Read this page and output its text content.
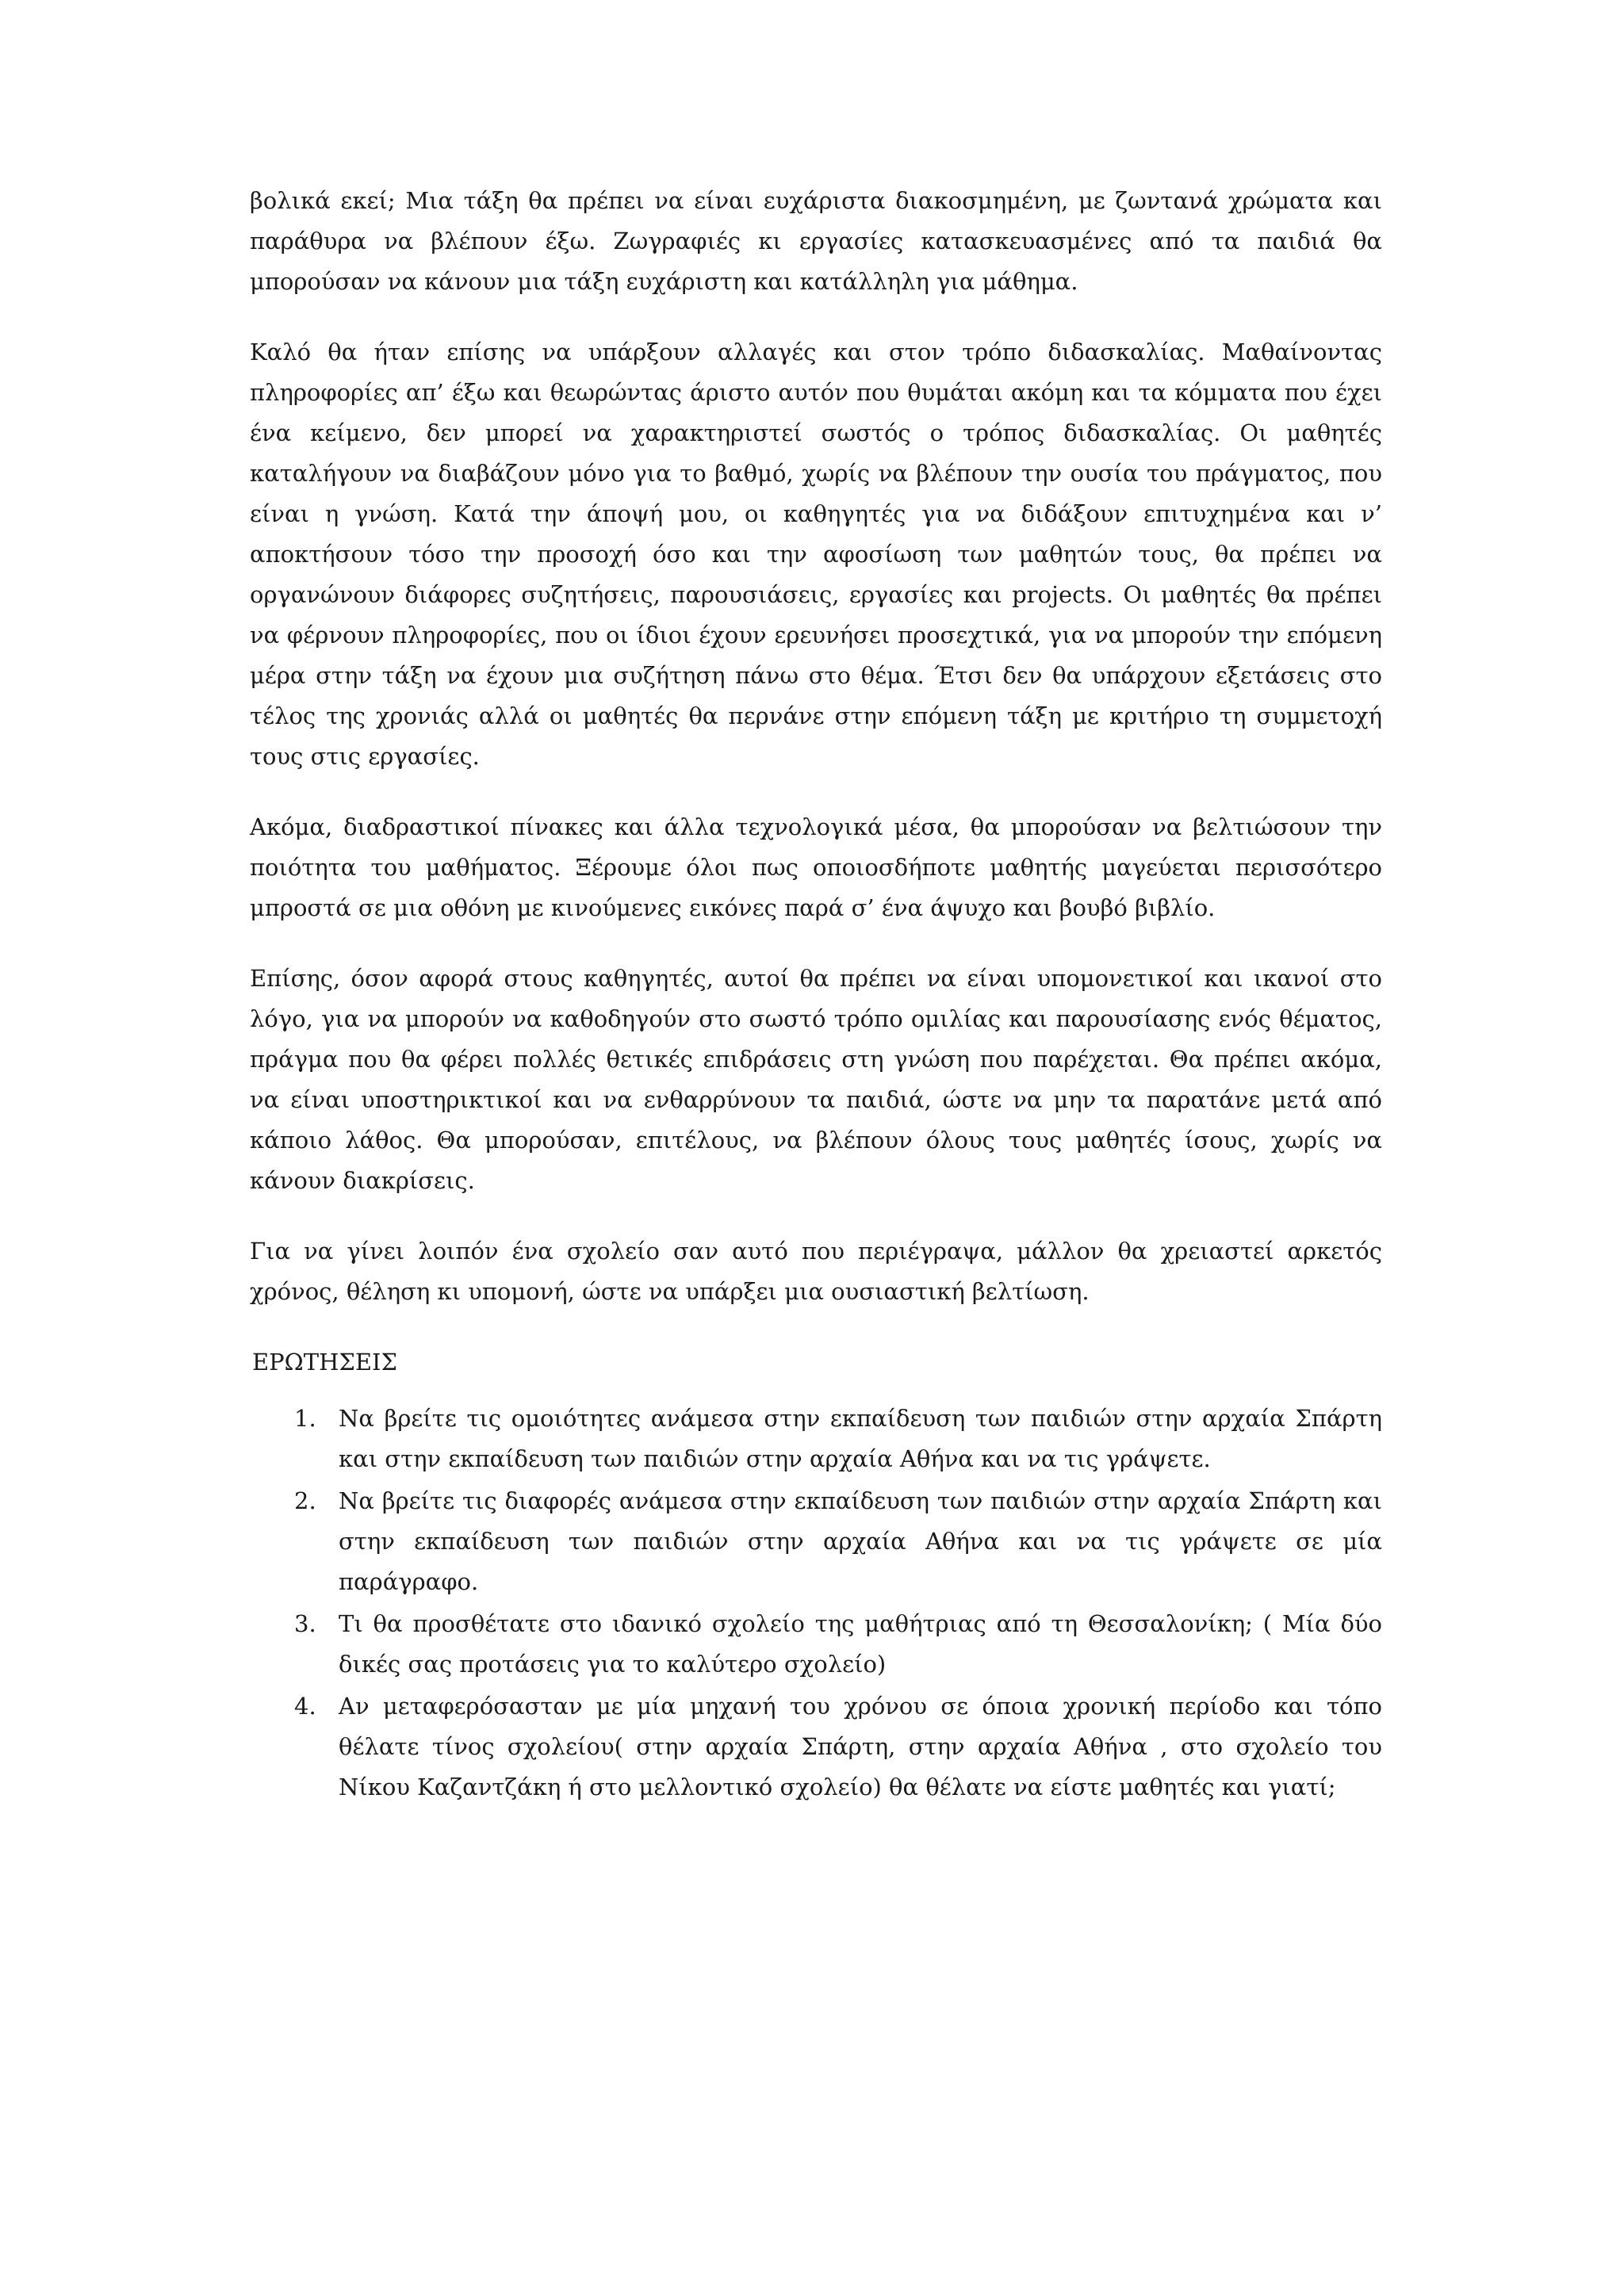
βολικά εκεί; Μια τάξη θα πρέπει να είναι ευχάριστα διακοσμημένη, με ζωντανά χρώματα και παράθυρα να βλέπουν έξω. Ζωγραφιές κι εργασίες κατασκευασμένες από τα παιδιά θα μπορούσαν να κάνουν μια τάξη ευχάριστη και κατάλληλη για μάθημα.

Καλό θα ήταν επίσης να υπάρξουν αλλαγές και στον τρόπο διδασκαλίας. Μαθαίνοντας πληροφορίες απ’ έξω και θεωρώντας άριστο αυτόν που θυμάται ακόμη και τα κόμματα που έχει ένα κείμενο, δεν μπορεί να χαρακτηριστεί σωστός ο τρόπος διδασκαλίας. Οι μαθητές καταλήγουν να διαβάζουν μόνο για το βαθμό, χωρίς να βλέπουν την ουσία του πράγματος, που είναι η γνώση. Κατά την άποψή μου, οι καθηγητές για να διδάξουν επιτυχημένα και ν’ αποκτήσουν τόσο την προσοχή όσο και την αφοσίωση των μαθητών τους, θα πρέπει να οργανώνουν διάφορες συζητήσεις, παρουσιάσεις, εργασίες και projects. Οι μαθητές θα πρέπει να φέρνουν πληροφορίες, που οι ίδιοι έχουν ερευνήσει προσεχτικά, για να μπορούν την επόμενη μέρα στην τάξη να έχουν μια συζήτηση πάνω στο θέμα. Έτσι δεν θα υπάρχουν εξετάσεις στο τέλος της χρονιάς αλλά οι μαθητές θα περνάνε στην επόμενη τάξη με κριτήριο τη συμμετοχή τους στις εργασίες.

Ακόμα, διαδραστικοί πίνακες και άλλα τεχνολογικά μέσα, θα μπορούσαν να βελτιώσουν την ποιότητα του μαθήματος. Ξέρουμε όλοι πως οποιοσδήποτε μαθητής μαγεύεται περισσότερο μπροστά σε μια οθόνη με κινούμενες εικόνες παρά σ’ ένα άψυχο και βουβό βιβλίο.

Επίσης, όσον αφορά στους καθηγητές, αυτοί θα πρέπει να είναι υπομονετικοί και ικανοί στο λόγο, για να μπορούν να καθοδηγούν στο σωστό τρόπο ομιλίας και παρουσίασης ενός θέματος, πράγμα που θα φέρει πολλές θετικές επιδράσεις στη γνώση που παρέχεται. Θα πρέπει ακόμα, να είναι υποστηρικτικοί και να ενθαρρύνουν τα παιδιά, ώστε να μην τα παρατάνε μετά από κάποιο λάθος. Θα μπορούσαν, επιτέλους, να βλέπουν όλους τους μαθητές ίσους, χωρίς να κάνουν διακρίσεις.

Για να γίνει λοιπόν ένα σχολείο σαν αυτό που περιέγραψα, μάλλον θα χρειαστεί αρκετός χρόνος, θέληση κι υπομονή, ώστε να υπάρξει μια ουσιαστική βελτίωση.

ΕΡΩΤΗΣΕΙΣ
1. Να βρείτε τις ομοιότητες ανάμεσα στην εκπαίδευση των παιδιών στην αρχαία Σπάρτη και στην εκπαίδευση των παιδιών στην αρχαία Αθήνα και να τις γράψετε.
2. Να βρείτε τις διαφορές ανάμεσα στην εκπαίδευση των παιδιών στην αρχαία Σπάρτη και στην εκπαίδευση των παιδιών στην αρχαία Αθήνα και να τις γράψετε σε μία παράγραφο.
3. Τι θα προσθέτατε στο ιδανικό σχολείο της μαθήτριας από τη Θεσσαλονίκη; ( Μία δύο δικές σας προτάσεις για το καλύτερο σχολείο)
4. Αν μεταφερόσασταν με μία μηχανή του χρόνου σε όποια χρονική περίοδο και τόπο θέλατε τίνος σχολείου( στην αρχαία Σπάρτη, στην αρχαία Αθήνα , στο σχολείο του Νίκου Καζαντζάκη ή στο μελλοντικό σχολείο) θα θέλατε να είστε μαθητές και γιατί;
